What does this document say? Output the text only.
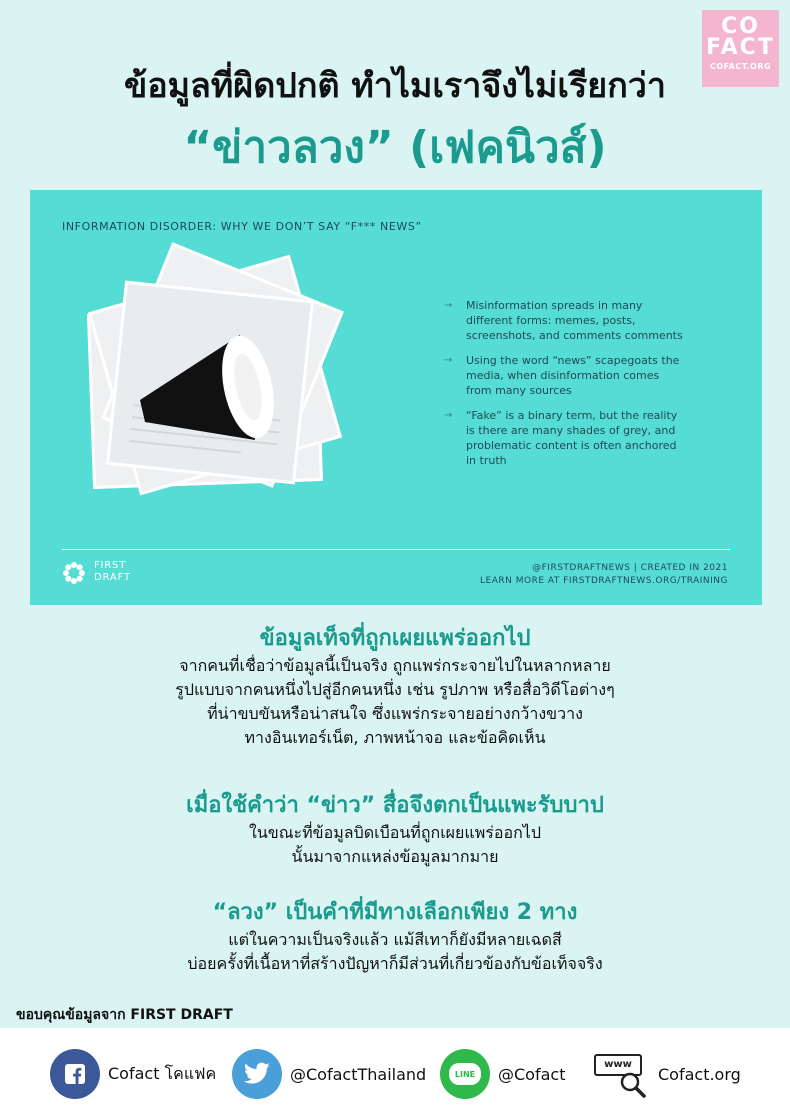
CO
FACT
COFACT.ORG
ข้อมูลที่ผิดปกติ ทำไมเราจึงไม่เรียกว่า
“ข่าวลวง” (เฟคนิวส์)
INFORMATION DISORDER: WHY WE DON’T SAY “F*** NEWS”
→ Misinformation spreads in many different forms: memes, posts, screenshots, and comments comments
→ Using the word “news” scapegoats the media, when disinformation comes from many sources
→ “Fake” is a binary term, but the reality is there are many shades of grey, and problematic content is often anchored in truth
FIRST
DRAFT
@FIRSTDRAFTNEWS | CREATED IN 2021
LEARN MORE AT FIRSTDRAFTNEWS.ORG/TRAINING
ข้อมูลเท็จที่ถูกเผยแพร่ออกไป
จากคนที่เชื่อว่าข้อมูลนี้เป็นจริง ถูกแพร่กระจายไปในหลากหลาย
รูปแบบจากคนหนึ่งไปสู่อีกคนหนึ่ง เช่น รูปภาพ หรือสื่อวิดีโอต่างๆ
ที่น่าขบขันหรือน่าสนใจ ซึ่งแพร่กระจายอย่างกว้างขวาง
ทางอินเทอร์เน็ต, ภาพหน้าจอ และข้อคิดเห็น
เมื่อใช้คำว่า “ข่าว” สื่อจึงตกเป็นแพะรับบาป
ในขณะที่ข้อมูลบิดเบือนที่ถูกเผยแพร่ออกไป
นั้นมาจากแหล่งข้อมูลมากมาย
“ลวง” เป็นคำที่มีทางเลือกเพียง 2 ทาง
แต่ในความเป็นจริงแล้ว แม้สีเทาก็ยังมีหลายเฉดสี
บ่อยครั้งที่เนื้อหาที่สร้างปัญหาก็มีส่วนที่เกี่ยวข้องกับข้อเท็จจริง
ขอบคุณข้อมูลจาก FIRST DRAFT
Cofact โคแฟค	@CofactThailand	LINE	@Cofact	www	Cofact.org
